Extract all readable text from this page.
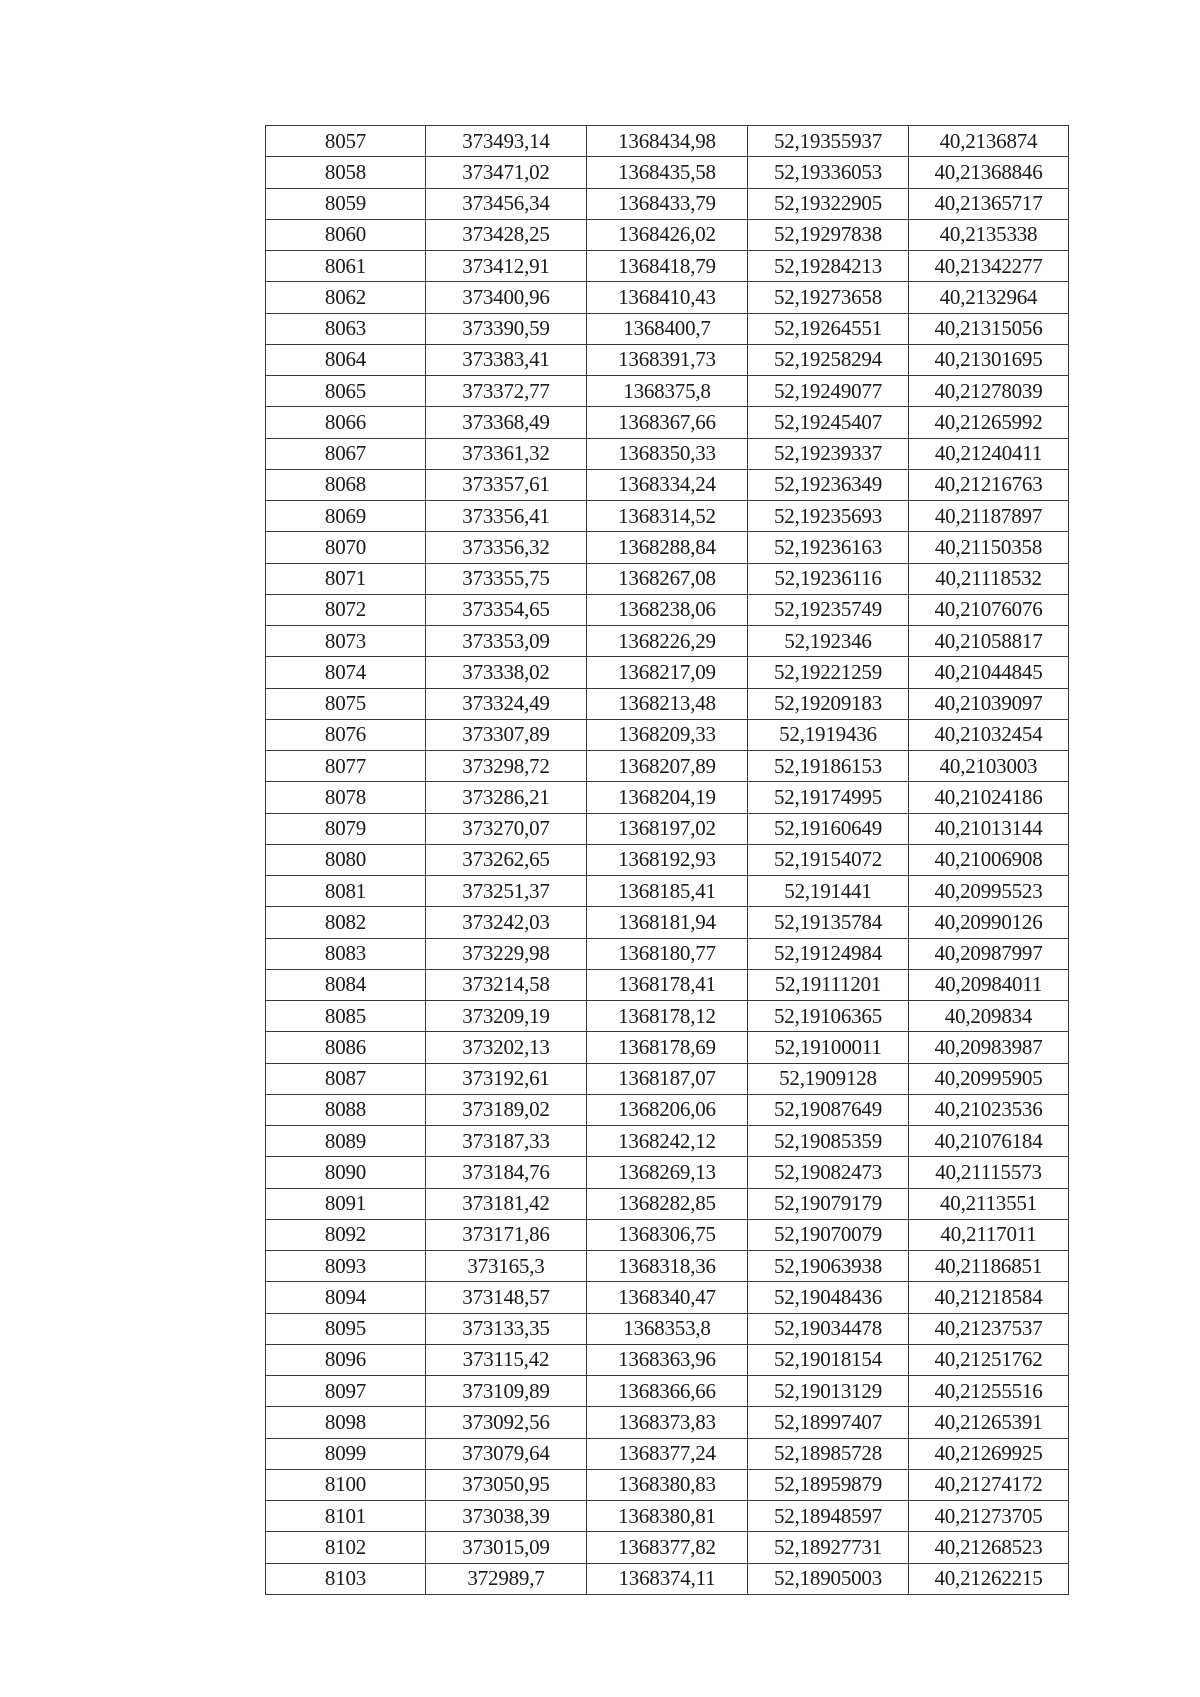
8057	373493,14	1368434,98	52,19355937	40,2136874
8058	373471,02	1368435,58	52,19336053	40,21368846
8059	373456,34	1368433,79	52,19322905	40,21365717
8060	373428,25	1368426,02	52,19297838	40,2135338
8061	373412,91	1368418,79	52,19284213	40,21342277
8062	373400,96	1368410,43	52,19273658	40,2132964
8063	373390,59	1368400,7	52,19264551	40,21315056
8064	373383,41	1368391,73	52,19258294	40,21301695
8065	373372,77	1368375,8	52,19249077	40,21278039
8066	373368,49	1368367,66	52,19245407	40,21265992
8067	373361,32	1368350,33	52,19239337	40,21240411
8068	373357,61	1368334,24	52,19236349	40,21216763
8069	373356,41	1368314,52	52,19235693	40,21187897
8070	373356,32	1368288,84	52,19236163	40,21150358
8071	373355,75	1368267,08	52,19236116	40,21118532
8072	373354,65	1368238,06	52,19235749	40,21076076
8073	373353,09	1368226,29	52,192346	40,21058817
8074	373338,02	1368217,09	52,19221259	40,21044845
8075	373324,49	1368213,48	52,19209183	40,21039097
8076	373307,89	1368209,33	52,1919436	40,21032454
8077	373298,72	1368207,89	52,19186153	40,2103003
8078	373286,21	1368204,19	52,19174995	40,21024186
8079	373270,07	1368197,02	52,19160649	40,21013144
8080	373262,65	1368192,93	52,19154072	40,21006908
8081	373251,37	1368185,41	52,191441	40,20995523
8082	373242,03	1368181,94	52,19135784	40,20990126
8083	373229,98	1368180,77	52,19124984	40,20987997
8084	373214,58	1368178,41	52,19111201	40,20984011
8085	373209,19	1368178,12	52,19106365	40,209834
8086	373202,13	1368178,69	52,19100011	40,20983987
8087	373192,61	1368187,07	52,1909128	40,20995905
8088	373189,02	1368206,06	52,19087649	40,21023536
8089	373187,33	1368242,12	52,19085359	40,21076184
8090	373184,76	1368269,13	52,19082473	40,21115573
8091	373181,42	1368282,85	52,19079179	40,2113551
8092	373171,86	1368306,75	52,19070079	40,2117011
8093	373165,3	1368318,36	52,19063938	40,21186851
8094	373148,57	1368340,47	52,19048436	40,21218584
8095	373133,35	1368353,8	52,19034478	40,21237537
8096	373115,42	1368363,96	52,19018154	40,21251762
8097	373109,89	1368366,66	52,19013129	40,21255516
8098	373092,56	1368373,83	52,18997407	40,21265391
8099	373079,64	1368377,24	52,18985728	40,21269925
8100	373050,95	1368380,83	52,18959879	40,21274172
8101	373038,39	1368380,81	52,18948597	40,21273705
8102	373015,09	1368377,82	52,18927731	40,21268523
8103	372989,7	1368374,11	52,18905003	40,21262215
